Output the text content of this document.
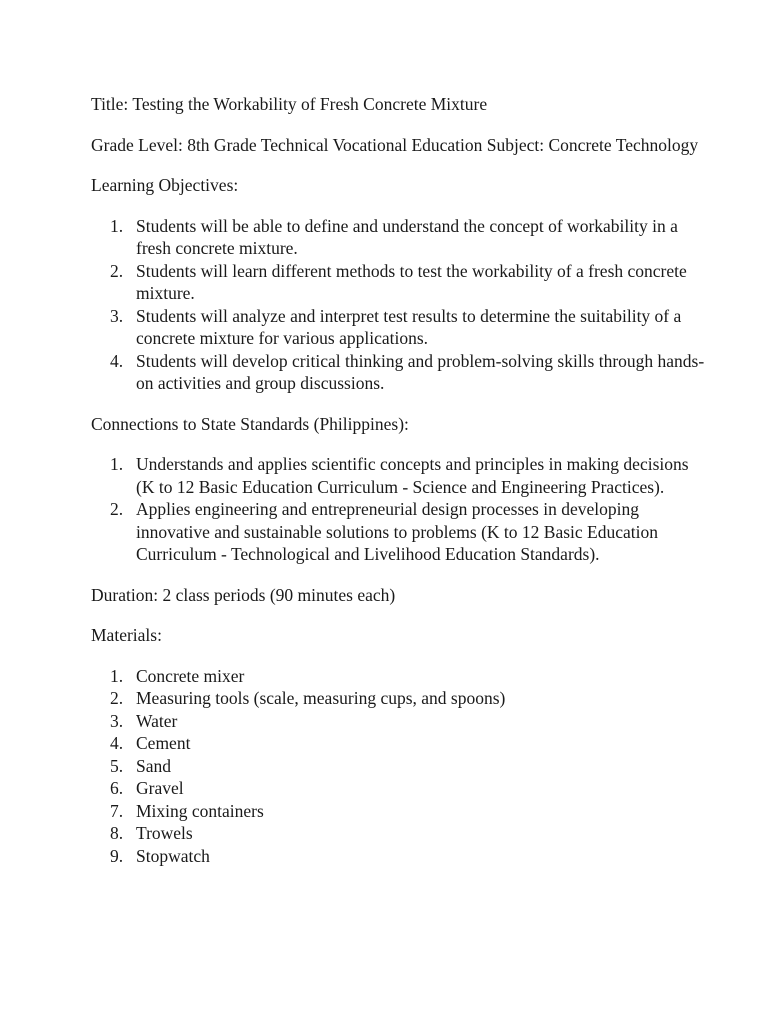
Title: Testing the Workability of Fresh Concrete Mixture

Grade Level: 8th Grade Technical Vocational Education Subject: Concrete Technology

Learning Objectives:

1. Students will be able to define and understand the concept of workability in a fresh concrete mixture.
2. Students will learn different methods to test the workability of a fresh concrete mixture.
3. Students will analyze and interpret test results to determine the suitability of a concrete mixture for various applications.
4. Students will develop critical thinking and problem-solving skills through hands-on activities and group discussions.

Connections to State Standards (Philippines):

1. Understands and applies scientific concepts and principles in making decisions (K to 12 Basic Education Curriculum - Science and Engineering Practices).
2. Applies engineering and entrepreneurial design processes in developing innovative and sustainable solutions to problems (K to 12 Basic Education Curriculum - Technological and Livelihood Education Standards).

Duration: 2 class periods (90 minutes each)

Materials:

1. Concrete mixer
2. Measuring tools (scale, measuring cups, and spoons)
3. Water
4. Cement
5. Sand
6. Gravel
7. Mixing containers
8. Trowels
9. Stopwatch
